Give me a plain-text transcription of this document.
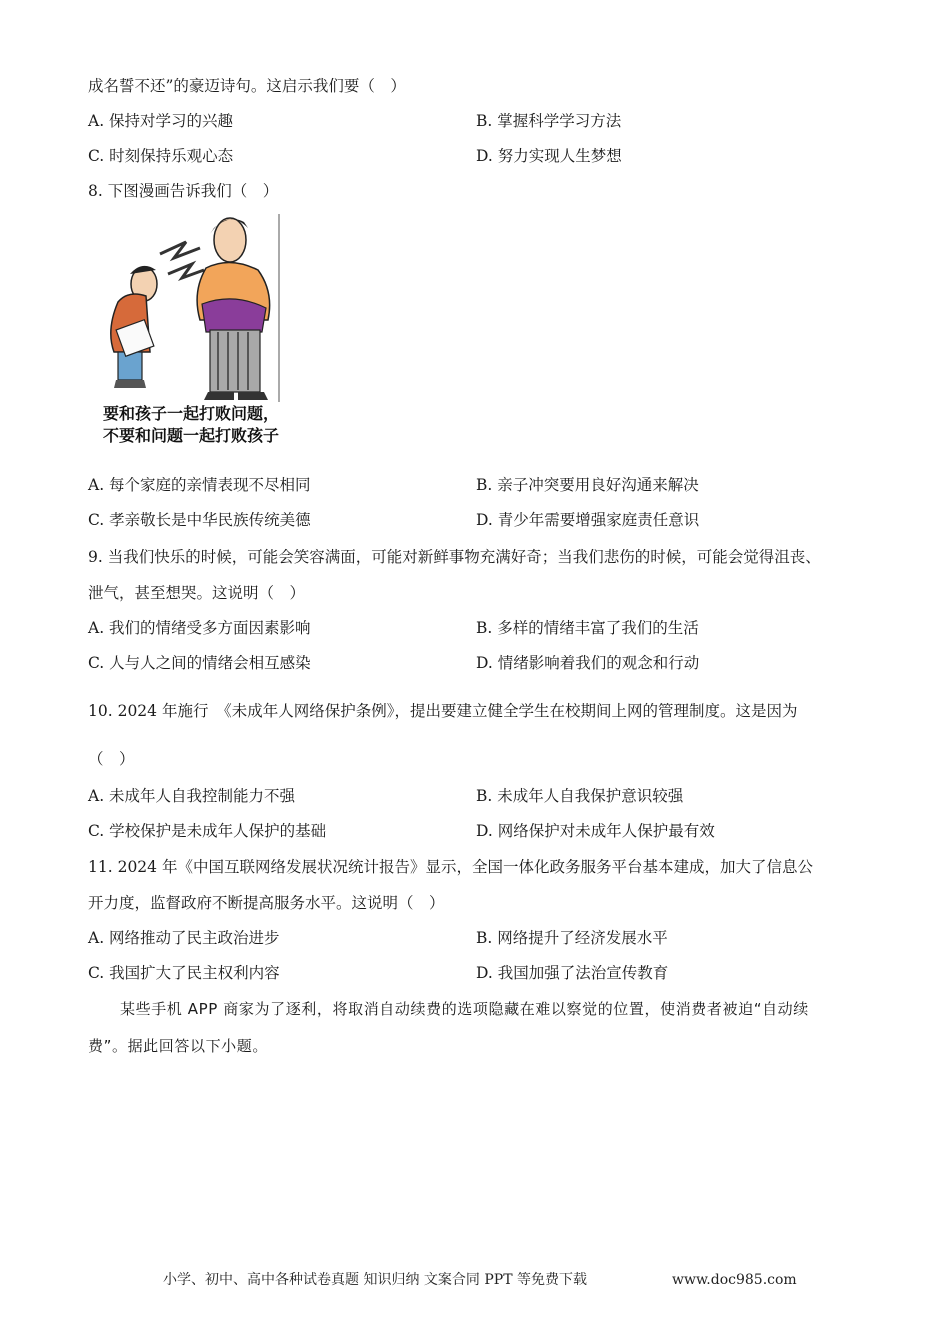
成名誓不还”的豪迈诗句。这启示我们要（　）
A. 保持对学习的兴趣	B. 掌握科学学习方法
C. 时刻保持乐观心态	D. 努力实现人生梦想
8. 下图漫画告诉我们（　）
要和孩子一起打败问题，
不要和问题一起打败孩子
A. 每个家庭的亲情表现不尽相同	B. 亲子冲突要用良好沟通来解决
C. 孝亲敬长是中华民族传统美德	D. 青少年需要增强家庭责任意识
9. 当我们快乐的时候，可能会笑容满面，可能对新鲜事物充满好奇；当我们悲伤的时候，可能会觉得沮丧、
泄气，甚至想哭。这说明（　）
A. 我们的情绪受多方面因素影响	B. 多样的情绪丰富了我们的生活
C. 人与人之间的情绪会相互感染	D. 情绪影响着我们的观念和行动
10. 2024 年施行　《未成年人网络保护条例》，提出要建立健全学生在校期间上网的管理制度。这是因为
（　）
A. 未成年人自我控制能力不强	B. 未成年人自我保护意识较强
C. 学校保护是未成年人保护的基础	D. 网络保护对未成年人保护最有效
11. 2024 年《中国互联网络发展状况统计报告》显示，全国一体化政务服务平台基本建成，加大了信息公
开力度，监督政府不断提高服务水平。这说明（　）
A. 网络推动了民主政治进步	B. 网络提升了经济发展水平
C. 我国扩大了民主权利内容	D. 我国加强了法治宣传教育
某些手机 APP 商家为了逐利，将取消自动续费的选项隐藏在难以察觉的位置，使消费者被迫“自动续
费”。据此回答以下小题。
小学、初中、高中各种试卷真题 知识归纳 文案合同 PPT 等免费下载	www.doc985.com
